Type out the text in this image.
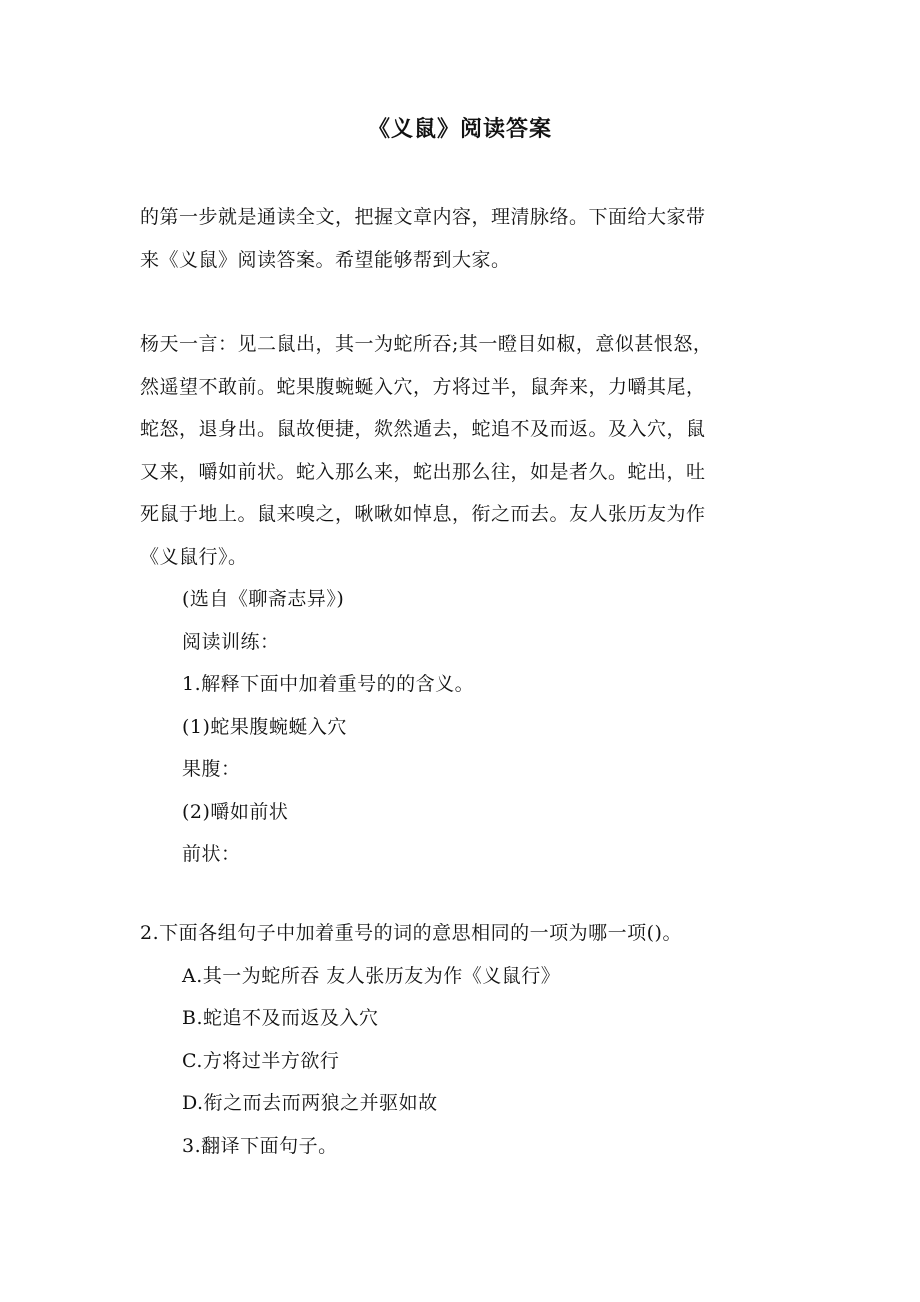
《义鼠》阅读答案
的第一步就是通读全文，把握文章内容，理清脉络。下面给大家带
来《义鼠》阅读答案。希望能够帮到大家。
杨天一言：见二鼠出，其一为蛇所吞;其一瞪目如椒，意似甚恨怒，
然遥望不敢前。蛇果腹蜿蜒入穴，方将过半，鼠奔来，力嚼其尾，
蛇怒，退身出。鼠故便捷，欻然遁去，蛇追不及而返。及入穴，鼠
又来，嚼如前状。蛇入那么来，蛇出那么往，如是者久。蛇出，吐
死鼠于地上。鼠来嗅之，啾啾如悼息，衔之而去。友人张历友为作
《义鼠行》。
(选自《聊斋志异》)
阅读训练：
1.解释下面中加着重号的的含义。
(1)蛇果腹蜿蜒入穴
果腹：
(2)嚼如前状
前状：
2.下面各组句子中加着重号的词的意思相同的一项为哪一项()。
A.其一为蛇所吞 友人张历友为作《义鼠行》
B.蛇追不及而返及入穴
C.方将过半方欲行
D.衔之而去而两狼之并驱如故
3.翻译下面句子。
